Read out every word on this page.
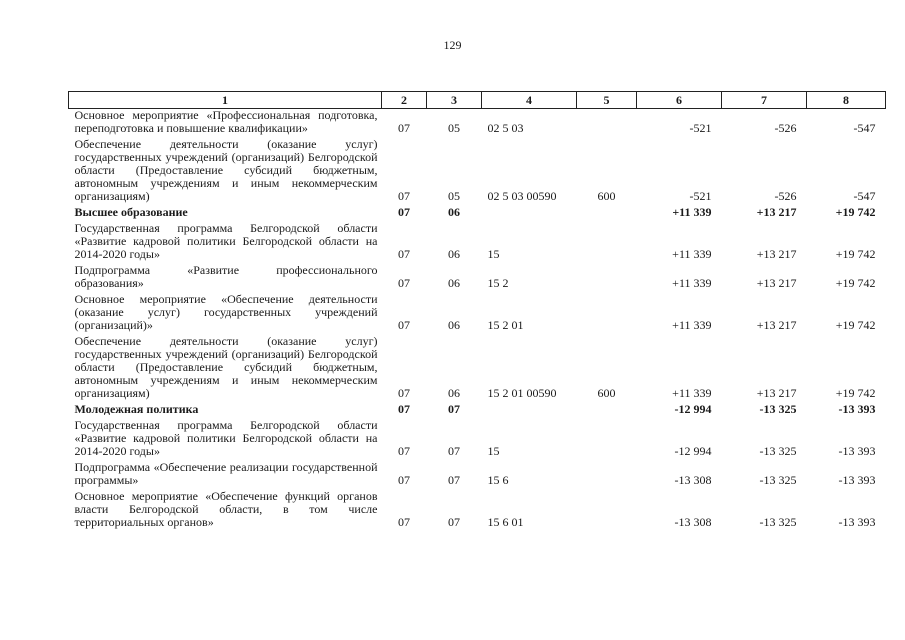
129
1	2	3	4	5	6	7	8
Основное мероприятие «Профессиональная подготовка, переподготовка и повышение квалификации»	07	05	02 5 03		-521	-526	-547
Обеспечение деятельности (оказание услуг) государственных учреждений (организаций) Белгородской области (Предоставление субсидий бюджетным, автономным учреждениям и иным некоммерческим организациям)	07	05	02 5 03 00590	600	-521	-526	-547
Высшее образование	07	06			+11 339	+13 217	+19 742
Государственная программа Белгородской области «Развитие кадровой политики Белгородской области на 2014-2020 годы»	07	06	15		+11 339	+13 217	+19 742
Подпрограмма «Развитие профессионального образования»	07	06	15 2		+11 339	+13 217	+19 742
Основное мероприятие «Обеспечение деятельности (оказание услуг) государственных учреждений (организаций)»	07	06	15 2 01		+11 339	+13 217	+19 742
Обеспечение деятельности (оказание услуг) государственных учреждений (организаций) Белгородской области (Предоставление субсидий бюджетным, автономным учреждениям и иным некоммерческим организациям)	07	06	15 2 01 00590	600	+11 339	+13 217	+19 742
Молодежная политика	07	07			-12 994	-13 325	-13 393
Государственная программа Белгородской области «Развитие кадровой политики Белгородской области на 2014-2020 годы»	07	07	15		-12 994	-13 325	-13 393
Подпрограмма «Обеспечение реализации государственной программы»	07	07	15 6		-13 308	-13 325	-13 393
Основное мероприятие «Обеспечение функций органов власти Белгородской области, в том числе территориальных органов»	07	07	15 6 01		-13 308	-13 325	-13 393
